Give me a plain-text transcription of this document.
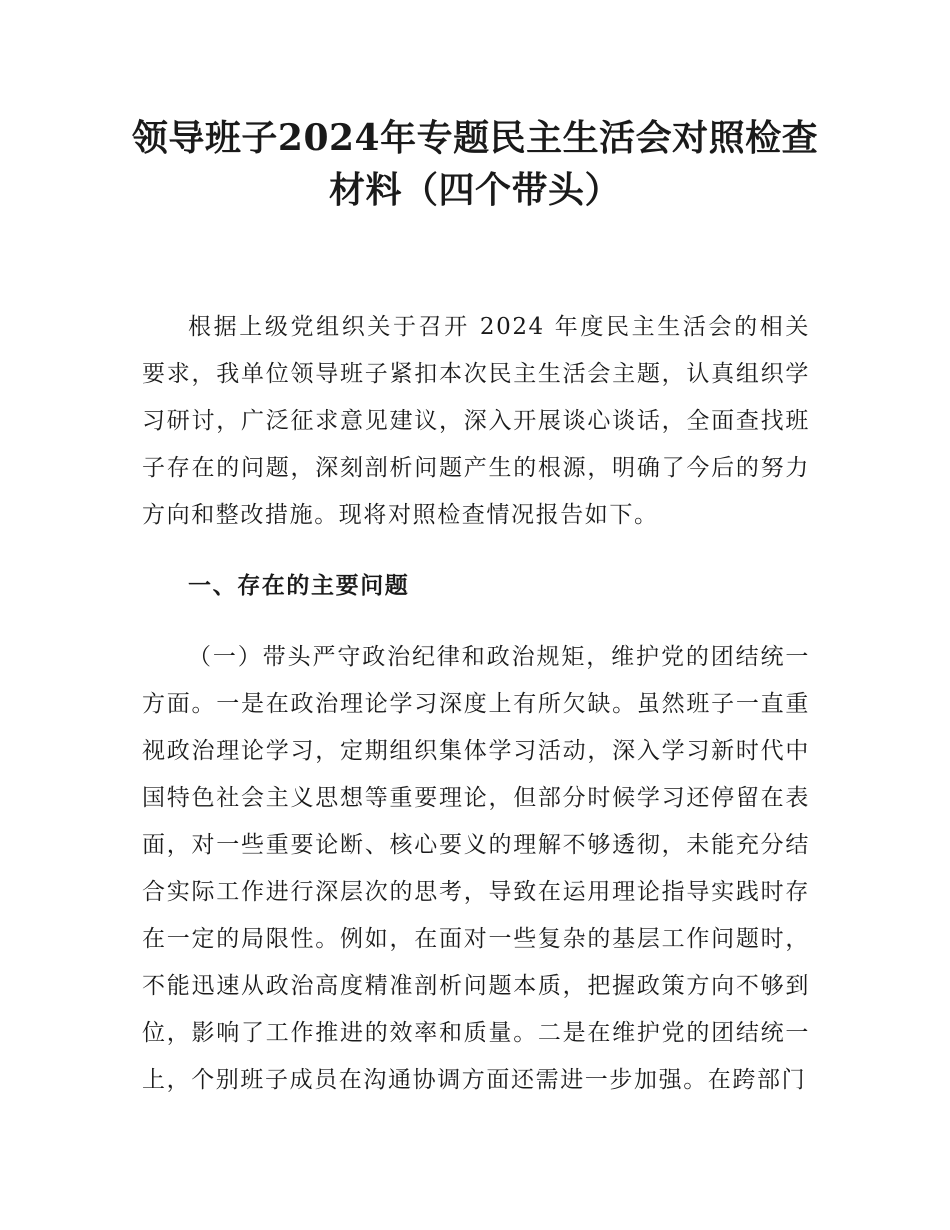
领导班子2024年专题民主生活会对照检查材料（四个带头）

根据上级党组织关于召开 2024 年度民主生活会的相关要求，我单位领导班子紧扣本次民主生活会主题，认真组织学习研讨，广泛征求意见建议，深入开展谈心谈话，全面查找班子存在的问题，深刻剖析问题产生的根源，明确了今后的努力方向和整改措施。现将对照检查情况报告如下。

一、存在的主要问题

（一）带头严守政治纪律和政治规矩，维护党的团结统一方面。一是在政治理论学习深度上有所欠缺。虽然班子一直重视政治理论学习，定期组织集体学习活动，深入学习新时代中国特色社会主义思想等重要理论，但部分时候学习还停留在表面，对一些重要论断、核心要义的理解不够透彻，未能充分结合实际工作进行深层次的思考，导致在运用理论指导实践时存在一定的局限性。例如，在面对一些复杂的基层工作问题时，不能迅速从政治高度精准剖析问题本质，把握政策方向不够到位，影响了工作推进的效率和质量。二是在维护党的团结统一上，个别班子成员在沟通协调方面还需进一步加强。在跨部门
